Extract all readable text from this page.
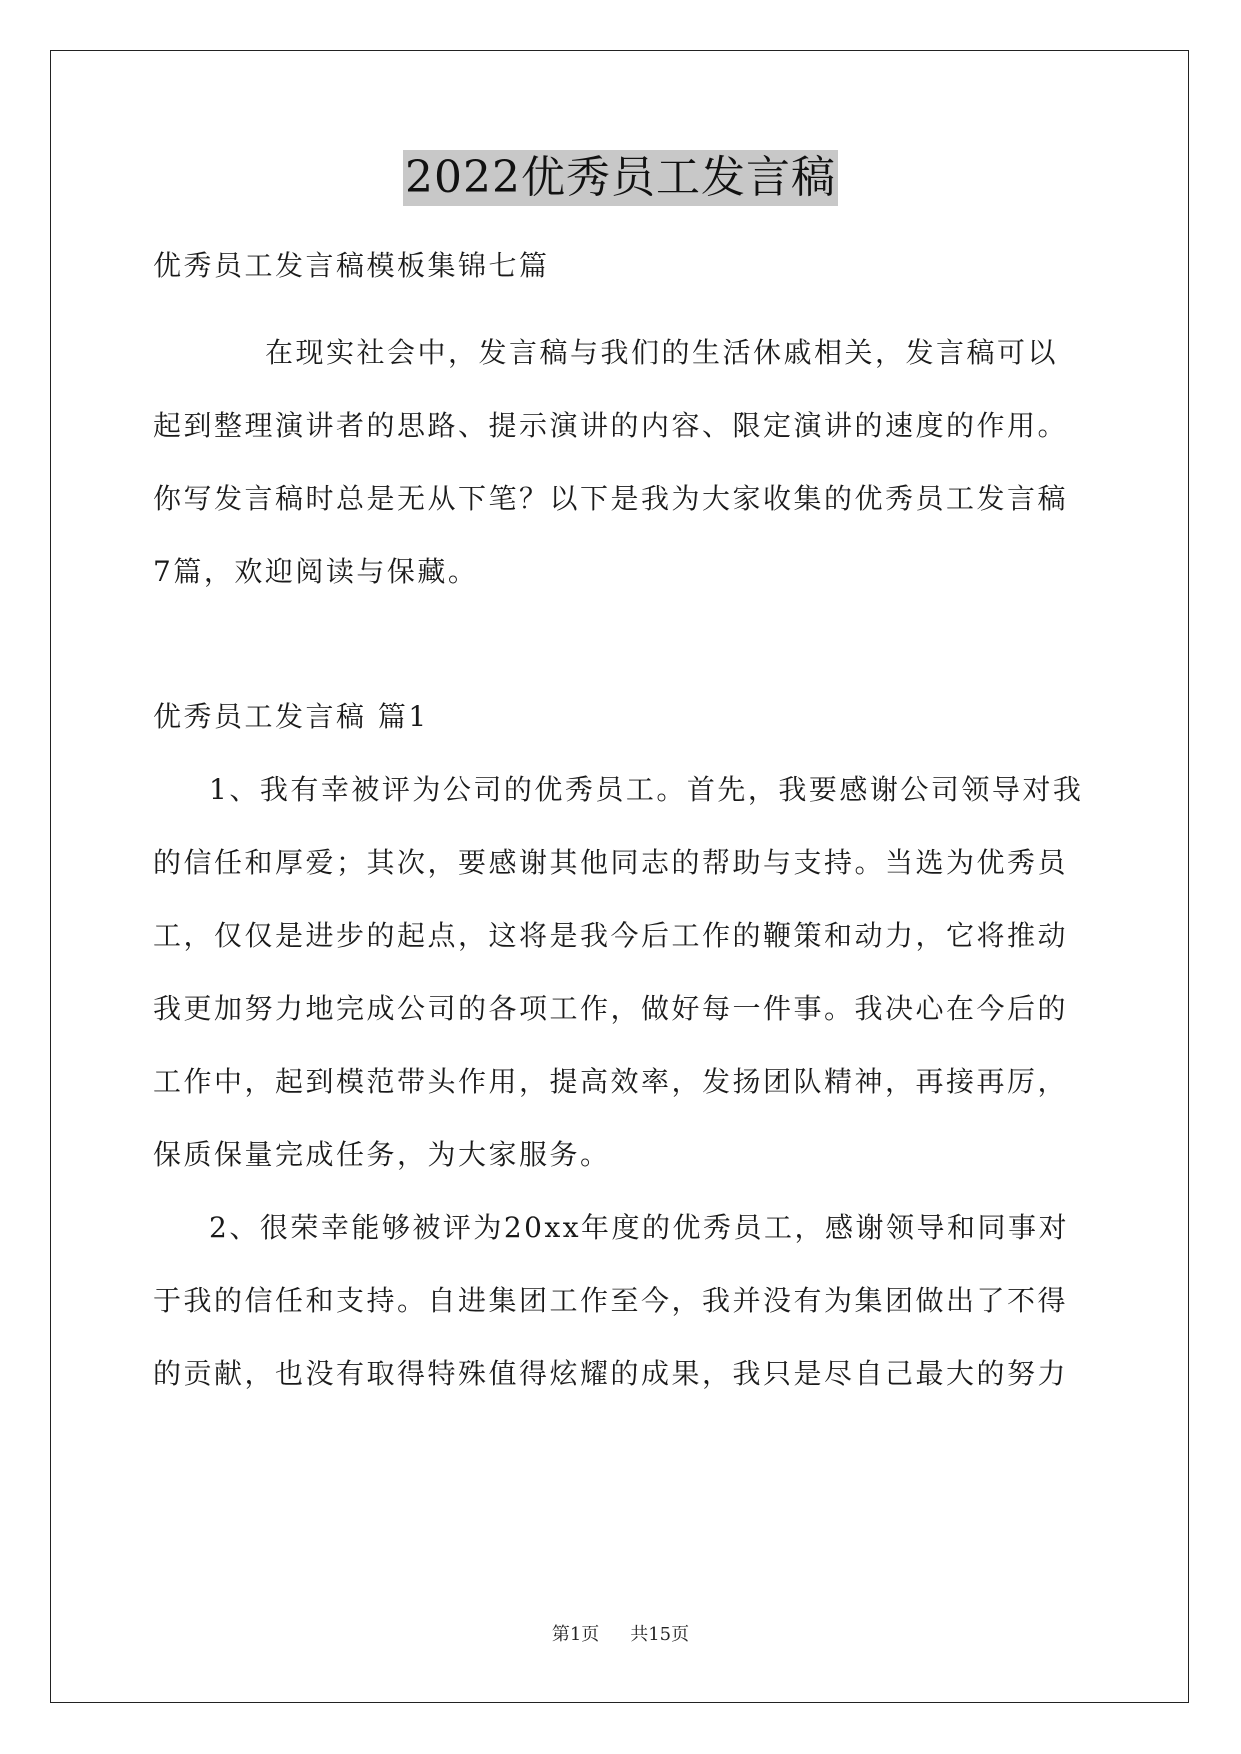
2022优秀员工发言稿
优秀员工发言稿模板集锦七篇
在现实社会中，发言稿与我们的生活休戚相关，发言稿可以
起到整理演讲者的思路、提示演讲的内容、限定演讲的速度的作用。
你写发言稿时总是无从下笔？以下是我为大家收集的优秀员工发言稿
7篇，欢迎阅读与保藏。
优秀员工发言稿 篇1
1、我有幸被评为公司的优秀员工。首先，我要感谢公司领导对我
的信任和厚爱；其次，要感谢其他同志的帮助与支持。当选为优秀员
工，仅仅是进步的起点，这将是我今后工作的鞭策和动力，它将推动
我更加努力地完成公司的各项工作，做好每一件事。我决心在今后的
工作中，起到模范带头作用，提高效率，发扬团队精神，再接再厉，
保质保量完成任务，为大家服务。
2、很荣幸能够被评为20xx年度的优秀员工，感谢领导和同事对
于我的信任和支持。自进集团工作至今，我并没有为集团做出了不得
的贡献，也没有取得特殊值得炫耀的成果，我只是尽自己最大的努力
第1页 共15页
